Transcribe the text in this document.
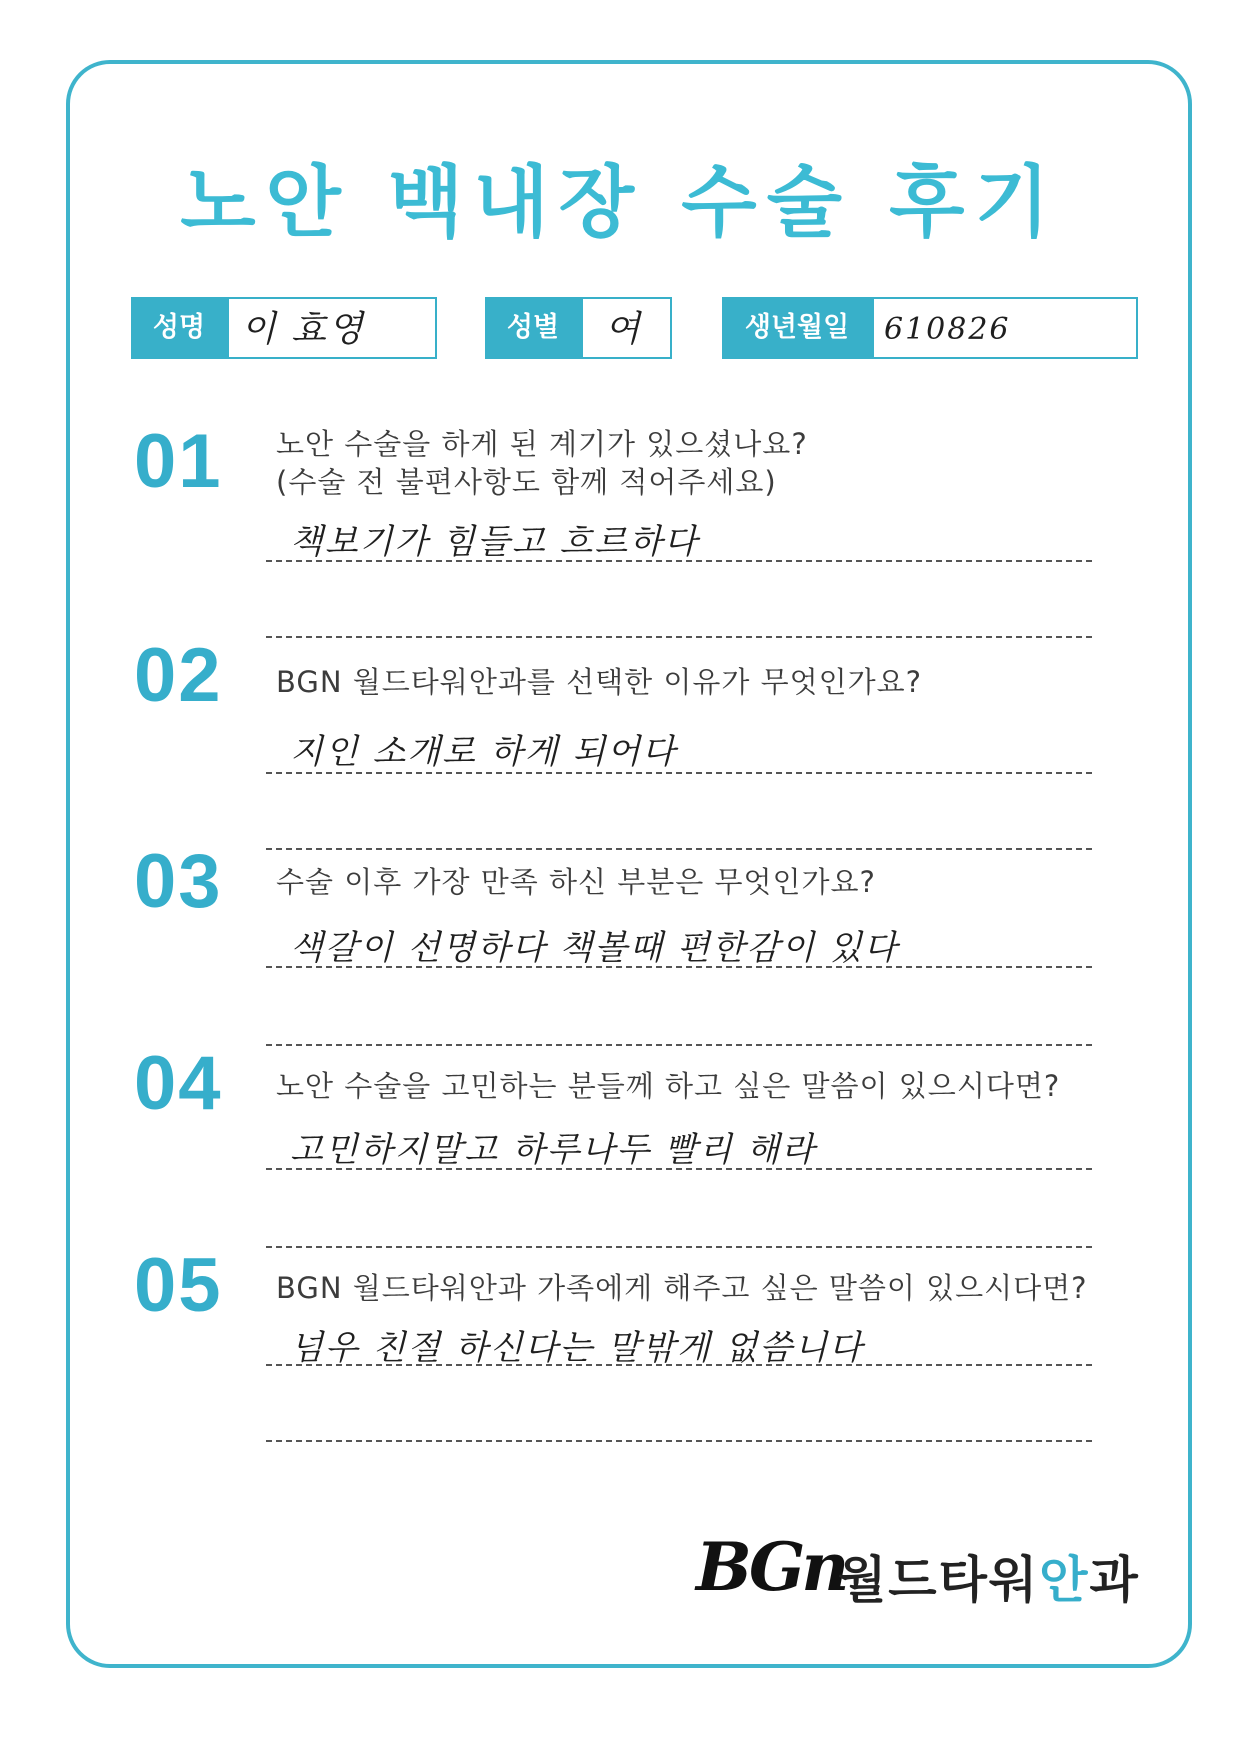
노안 백내장 수술 후기
성명 이 효영	성별	여	생년월일	610826
01 노안 수술을 하게 된 계기가 있으셨나요?
(수술 전 불편사항도 함께 적어주세요)
책보기가 힘들고 흐르하다
02 BGN 월드타워안과를 선택한 이유가 무엇인가요?
지인 소개로 하게 되어다
03 수술 이후 가장 만족 하신 부분은 무엇인가요?
색갈이 선명하다 책볼때 편한감이 있다
04 노안 수술을 고민하는 분들께 하고 싶은 말씀이 있으시다면?
고민하지말고 하루나두 빨리 해라
05 BGN 월드타워안과 가족에게 해주고 싶은 말씀이 있으시다면?
넘우 친절 하신다는 말밖게 없씀니다
BGn
월드타워안과
